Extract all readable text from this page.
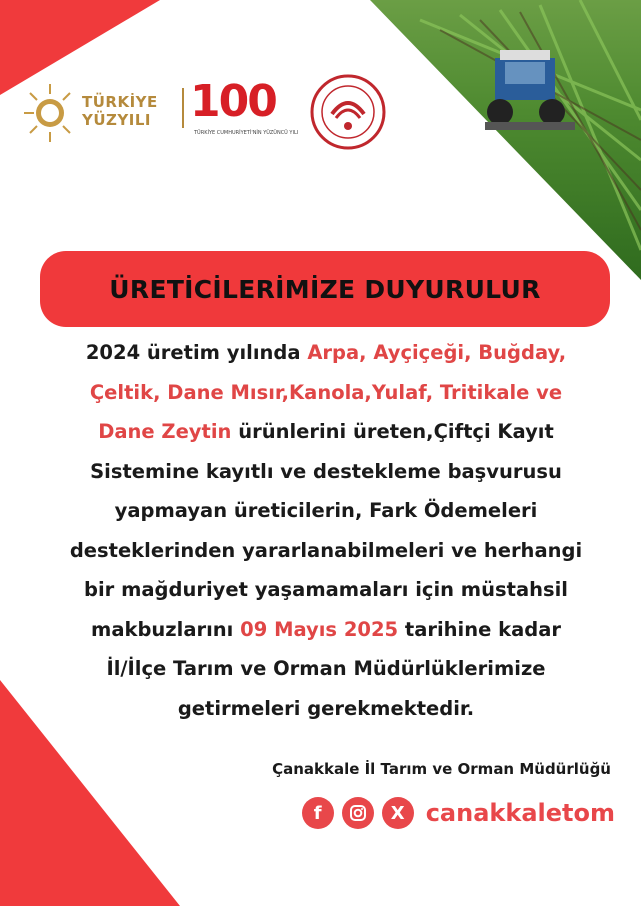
TÜRKİYE
YÜZYILI 100
TÜRKİYE CUMHURİYETİ'NİN YÜZÜNCÜ YILI
ÜRETİCİLERİMİZE DUYURULUR
2024 üretim yılında Arpa, Ayçiçeği, Buğday,
Çeltik, Dane Mısır,Kanola,Yulaf, Tritikale ve
Dane Zeytin ürünlerini üreten,Çiftçi Kayıt
Sistemine kayıtlı ve destekleme başvurusu
yapmayan üreticilerin, Fark Ödemeleri
desteklerinden yararlanabilmeleri ve herhangi
bir mağduriyet yaşamamaları için müstahsil
makbuzlarını 09 Mayıs 2025 tarihine kadar
İl/İlçe Tarım ve Orman Müdürlüklerimize
getirmeleri gerekmektedir.
Çanakkale İl Tarım ve Orman Müdürlüğü
f	X canakkaletom
